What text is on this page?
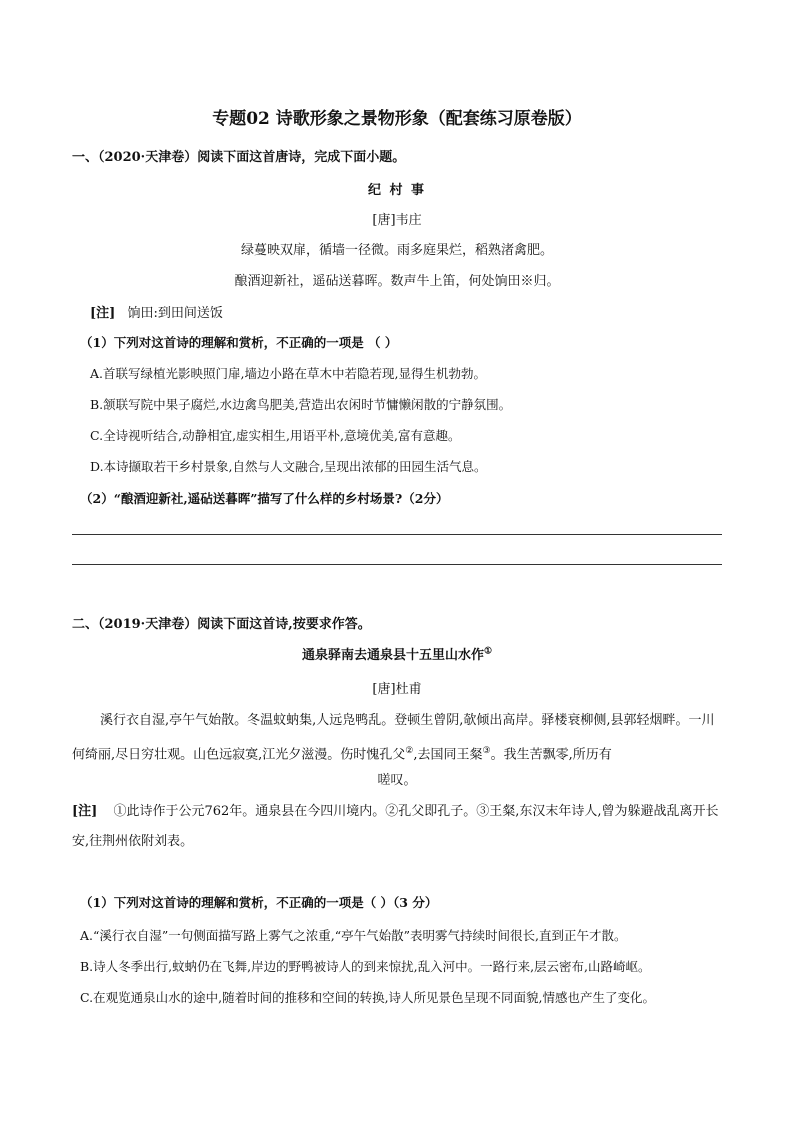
专题02 诗歌形象之景物形象（配套练习原卷版）
一、（2020·天津卷）阅读下面这首唐诗，完成下面小题。
纪 村 事
[唐]韦庄
绿蔓映双扉，循墙一径微。雨多庭果烂，稻熟渚禽肥。
酿酒迎新社，遥砧送暮晖。数声牛上笛，何处饷田※归。
[注] 饷田:到田间送饭
（1）下列对这首诗的理解和赏析，不正确的一项是 （ ）
A.首联写绿植光影映照门扉,墙边小路在草木中若隐若现,显得生机勃勃。
B.颔联写院中果子腐烂,水边禽鸟肥美,营造出农闲时节慵懒闲散的宁静氛围。
C.全诗视听结合,动静相宜,虚实相生,用语平朴,意境优美,富有意趣。
D.本诗撷取若干乡村景象,自然与人文融合,呈现出浓郁的田园生活气息。
（2）“酿酒迎新社,遥砧送暮晖”描写了什么样的乡村场景?（2分）
二、（2019·天津卷）阅读下面这首诗,按要求作答。
通泉驿南去通泉县十五里山水作①
[唐]杜甫
溪行衣自湿,亭午气始散。冬温蚊蚋集,人远凫鸭乱。登顿生曾阴,欹倾出高岸。驿楼衰柳侧,县郭轻烟畔。一川何绮丽,尽日穷壮观。山色远寂寞,江光夕滋漫。伤时愧孔父②,去国同王粲③。我生苦飘零,所历有
嗟叹。
[注] ①此诗作于公元762年。通泉县在今四川境内。②孔父即孔子。③王粲,东汉末年诗人,曾为躲避战乱离开长安,往荆州依附刘表。
（1）下列对这首诗的理解和赏析，不正确的一项是（ ）（3 分）
A.“溪行衣自湿”一句侧面描写路上雾气之浓重,“亭午气始散”表明雾气持续时间很长,直到正午才散。
B.诗人冬季出行,蚊蚋仍在飞舞,岸边的野鸭被诗人的到来惊扰,乱入河中。一路行来,层云密布,山路崎岖。
C.在观览通泉山水的途中,随着时间的推移和空间的转换,诗人所见景色呈现不同面貌,情感也产生了变化。
